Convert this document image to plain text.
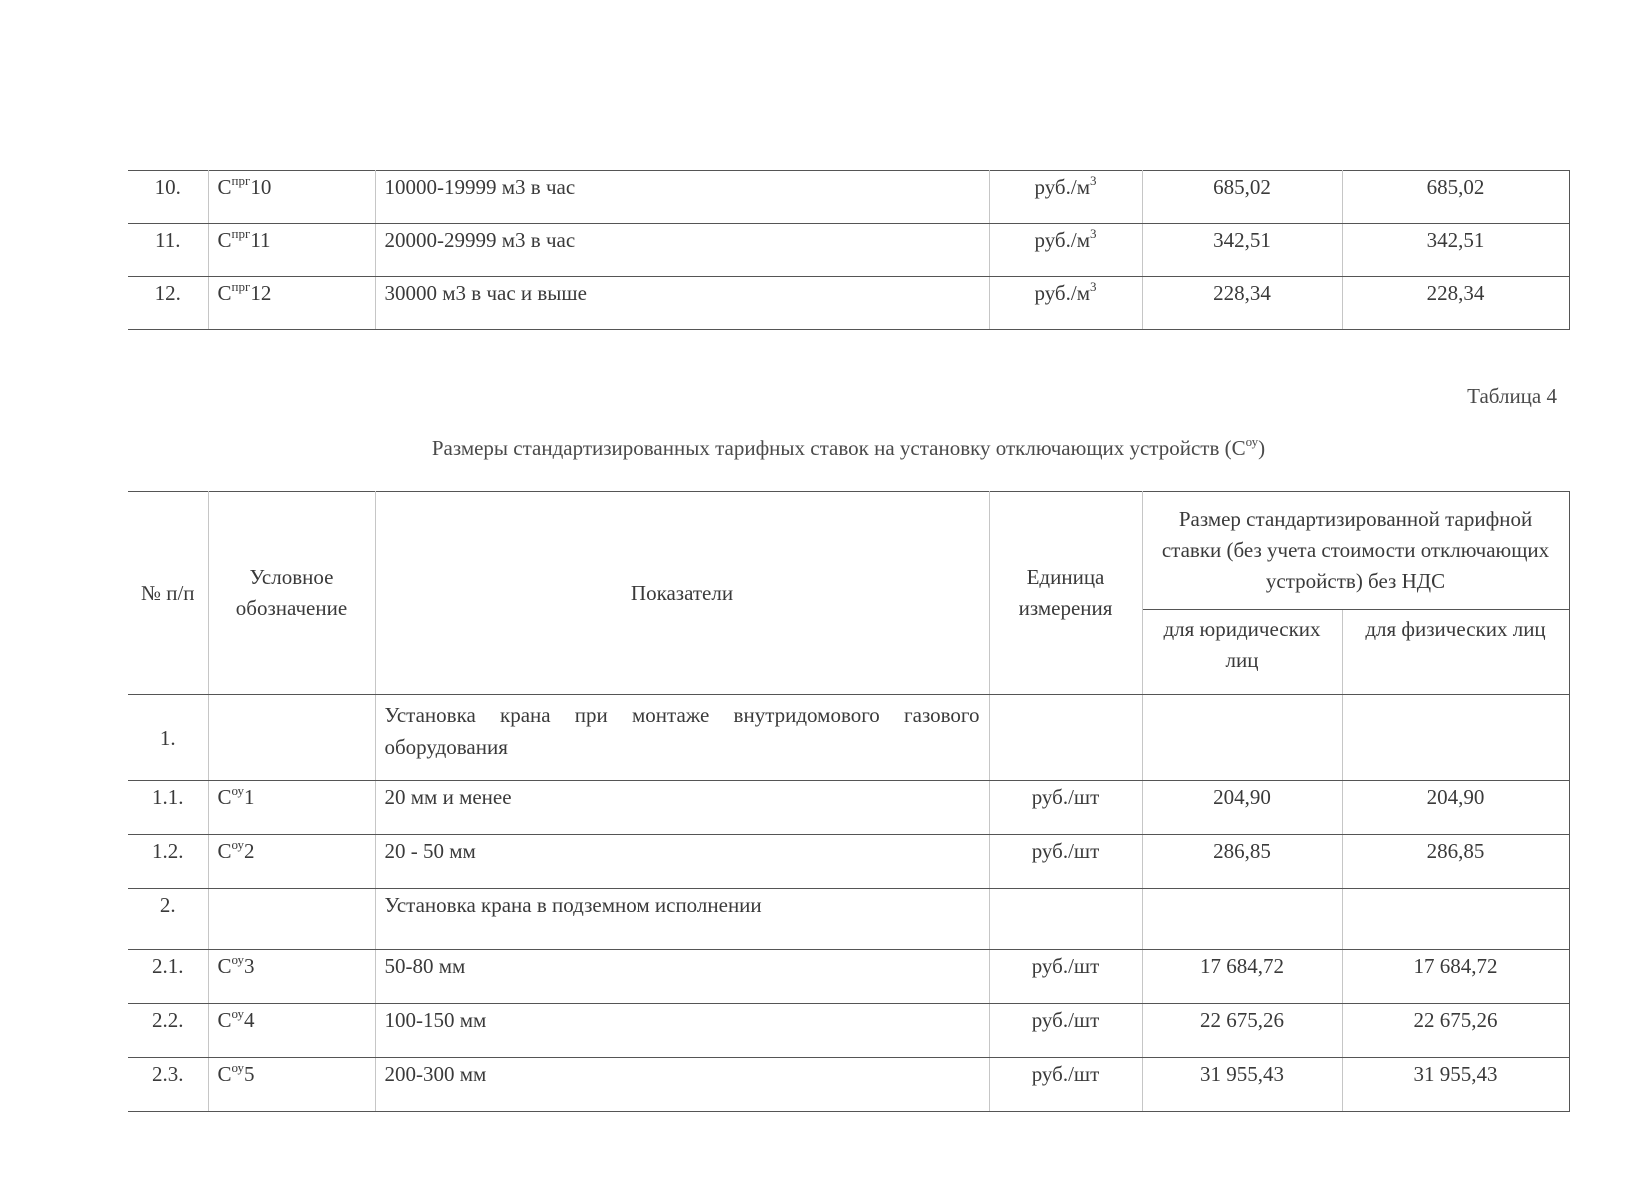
10.	$С^{прг}10$	10000-19999 м3 в час	$руб./м^3$	685,02	685,02
11.	$С^{прг}11$	20000-29999 м3 в час	$руб./м^3$	342,51	342,51
12.	$С^{прг}12$	30000 м3 в час и выше	$руб./м^3$	228,34	228,34
Таблица 4
Размеры стандартизированных тарифных ставок на установку отключающих устройств $(С^{оу})$
№ п/п	Условное обозначение	Показатели	Единица измерения	Размер стандартизированной тарифной ставки (без учета стоимости отключающих устройств) без НДС	
				для юридических лиц	для физических лиц
1.		Установка крана при монтаже внутридомового газового оборудования			

1.1.	$С^{оу}1$	20 мм и менее	руб./шт	204,90	204,90
1.2.	$С^{оу}2$	20 - 50 мм	руб./шт	286,85	286,85
2.		Установка крана в подземном исполнении			
2.1.	$С^{оу}3$	50-80 мм	руб./шт	17 684,72	17 684,72
2.2.	$С^{оу}4$	100-150 мм	руб./шт	22 675,26	22 675,26
2.3.	$С^{оу}5$	200-300 мм	руб./шт	31 955,43	31 955,43
